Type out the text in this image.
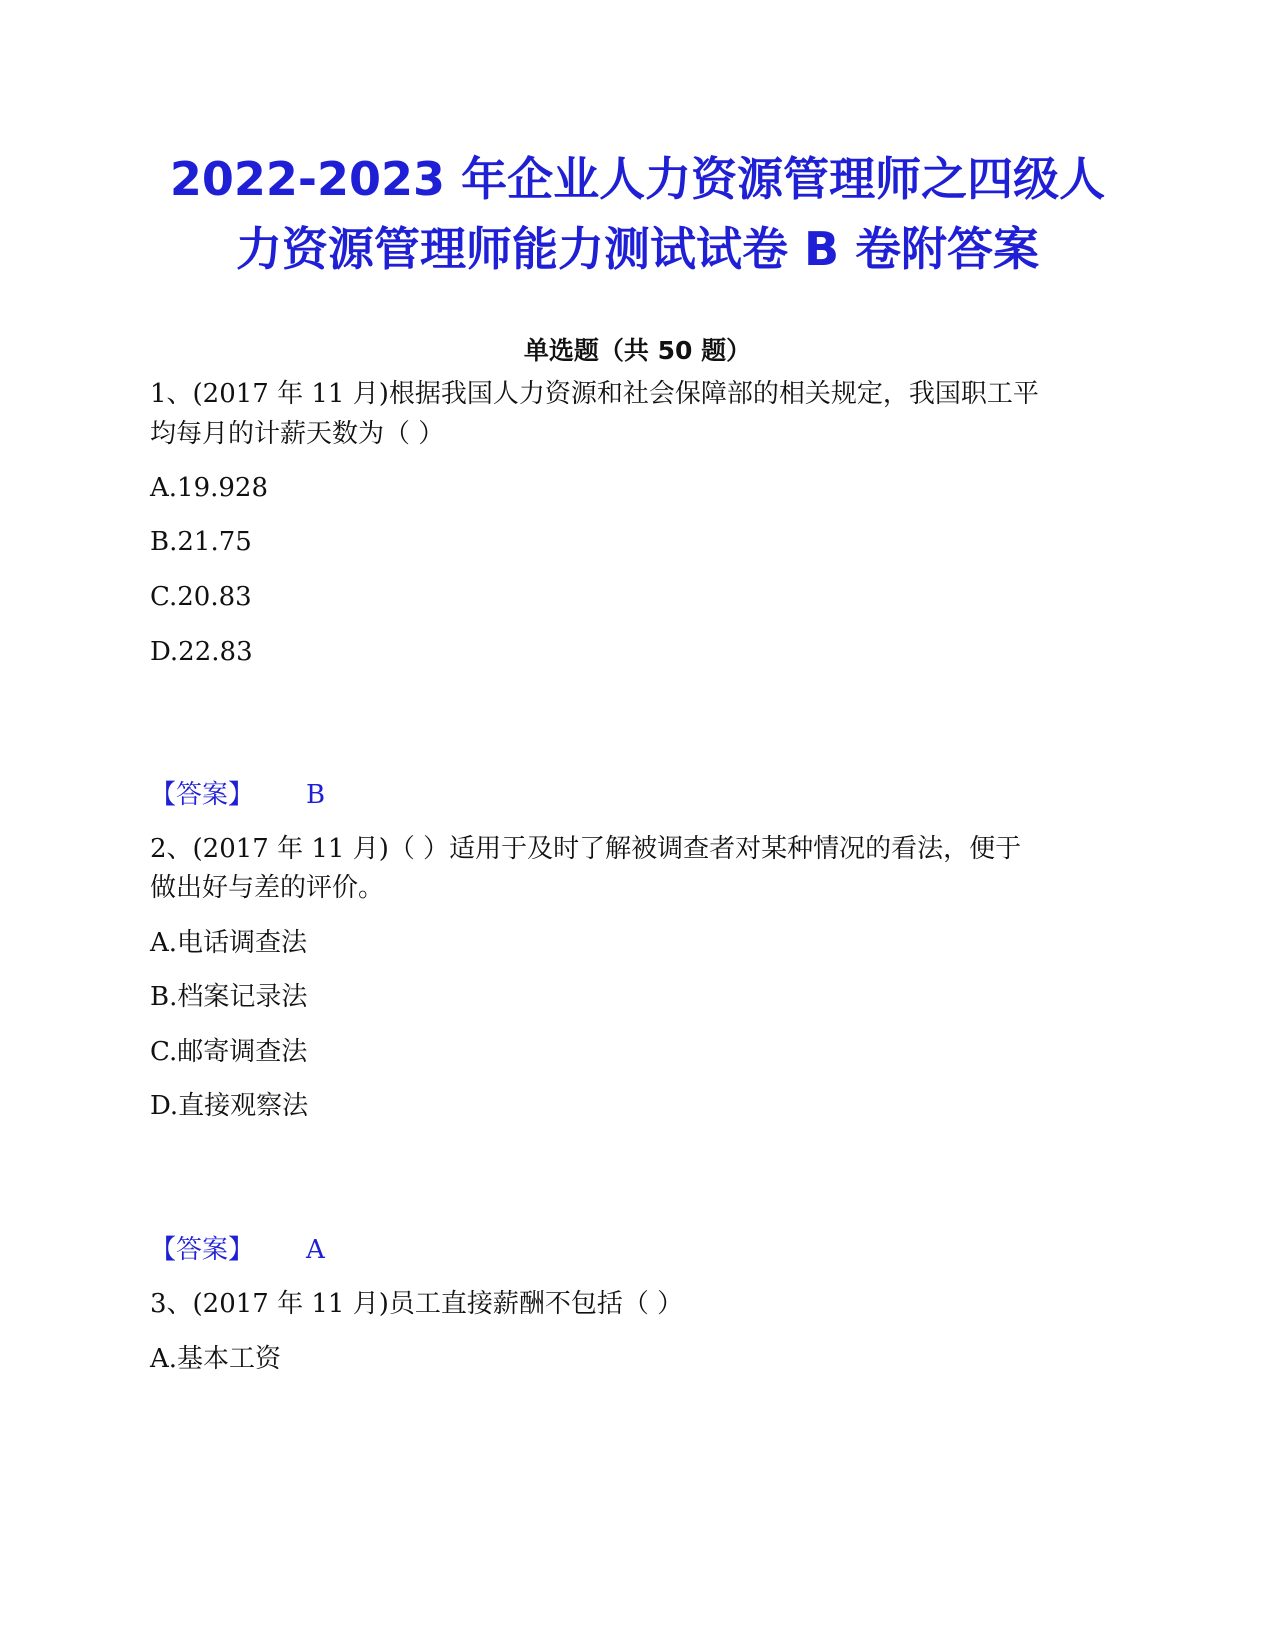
2022-2023 年企业人力资源管理师之四级人
力资源管理师能力测试试卷 B 卷附答案
单选题（共 50 题）
1、(2017 年 11 月)根据我国人力资源和社会保障部的相关规定，我国职工平
均每月的计薪天数为（ ）
A.19.928
B.21.75
C.20.83
D.22.83
【答案】 B
2、(2017 年 11 月)（ ）适用于及时了解被调查者对某种情况的看法，便于
做出好与差的评价。
A.电话调查法
B.档案记录法
C.邮寄调查法
D.直接观察法
【答案】 A
3、(2017 年 11 月)员工直接薪酬不包括（ ）
A.基本工资
